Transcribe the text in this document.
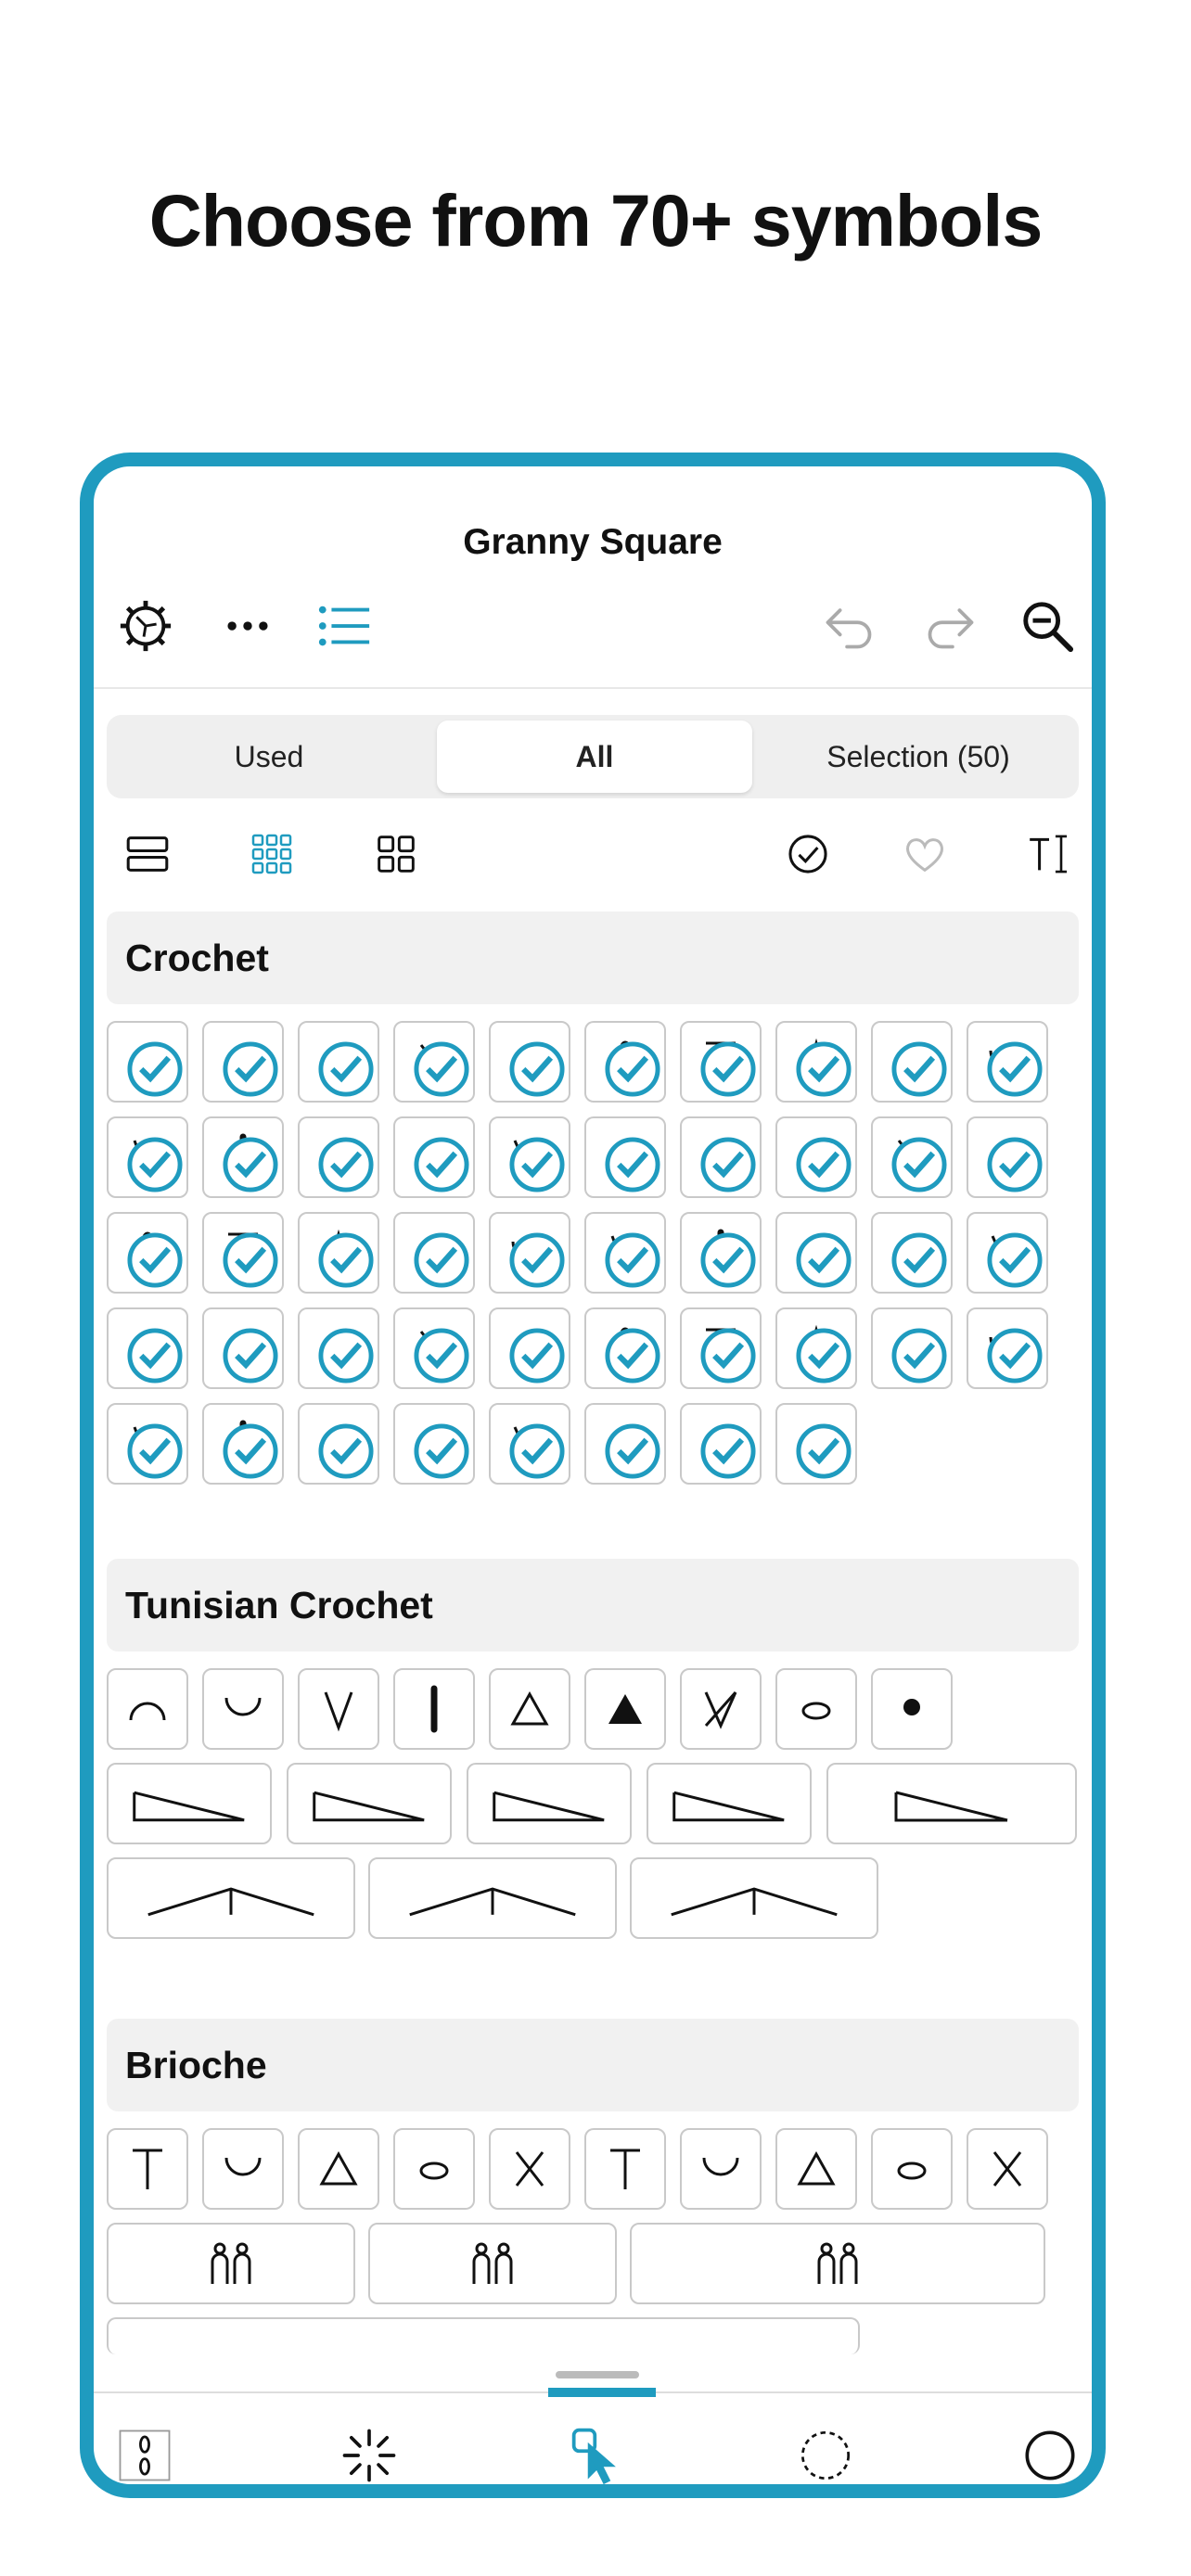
Choose from 70+ symbols
Granny Square
Used	All	Selection (50)
Crochet
Tunisian Crochet
Brioche
